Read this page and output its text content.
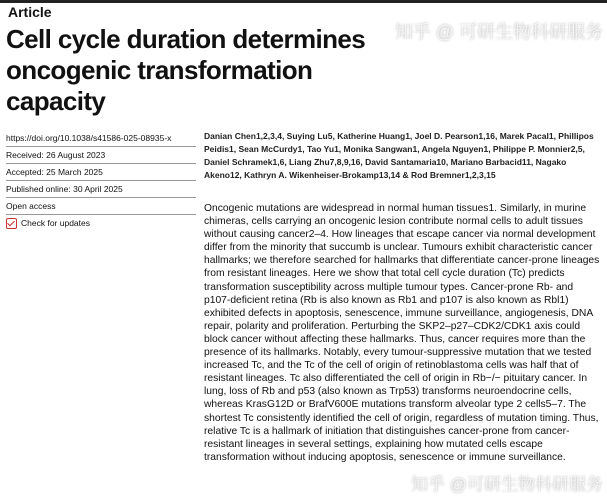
Article
Cell cycle duration determines oncogenic transformation capacity
知乎 @ 可研生物科研服务
https://doi.org/10.1038/s41586-025-08935-x
Received: 26 August 2023
Accepted: 25 March 2025
Published online: 30 April 2025
Open access
Check for updates
Danian Chen1,2,3,4, Suying Lu5, Katherine Huang1, Joel D. Pearson1,16, Marek Pacal1, Phillipos Peidis1, Sean McCurdy1, Tao Yu1, Monika Sangwan1, Angela Nguyen1, Philippe P. Monnier2,5, Daniel Schramek1,6, Liang Zhu7,8,9,16, David Santamaria10, Mariano Barbacid11, Nagako Akeno12, Kathryn A. Wikenheiser-Brokamp13,14 & Rod Bremner1,2,3,15
Oncogenic mutations are widespread in normal human tissues1. Similarly, in murine chimeras, cells carrying an oncogenic lesion contribute normal cells to adult tissues without causing cancer2–4. How lineages that escape cancer via normal development differ from the minority that succumb is unclear. Tumours exhibit characteristic cancer hallmarks; we therefore searched for hallmarks that differentiate cancer-prone lineages from resistant lineages. Here we show that total cell cycle duration (Tc) predicts transformation susceptibility across multiple tumour types. Cancer-prone Rb- and p107-deficient retina (Rb is also known as Rb1 and p107 is also known as Rbl1) exhibited defects in apoptosis, senescence, immune surveillance, angiogenesis, DNA repair, polarity and proliferation. Perturbing the SKP2–p27–CDK2/CDK1 axis could block cancer without affecting these hallmarks. Thus, cancer requires more than the presence of its hallmarks. Notably, every tumour-suppressive mutation that we tested increased Tc, and the Tc of the cell of origin of retinoblastoma cells was half that of resistant lineages. Tc also differentiated the cell of origin in Rb−/− pituitary cancer. In lung, loss of Rb and p53 (also known as Trp53) transforms neuroendocrine cells, whereas KrasG12D or BrafV600E mutations transform alveolar type 2 cells5–7. The shortest Tc consistently identified the cell of origin, regardless of mutation timing. Thus, relative Tc is a hallmark of initiation that distinguishes cancer-prone from cancer-resistant lineages in several settings, explaining how mutated cells escape transformation without inducing apoptosis, senescence or immune surveillance.
知乎 @可研生物科研服务
